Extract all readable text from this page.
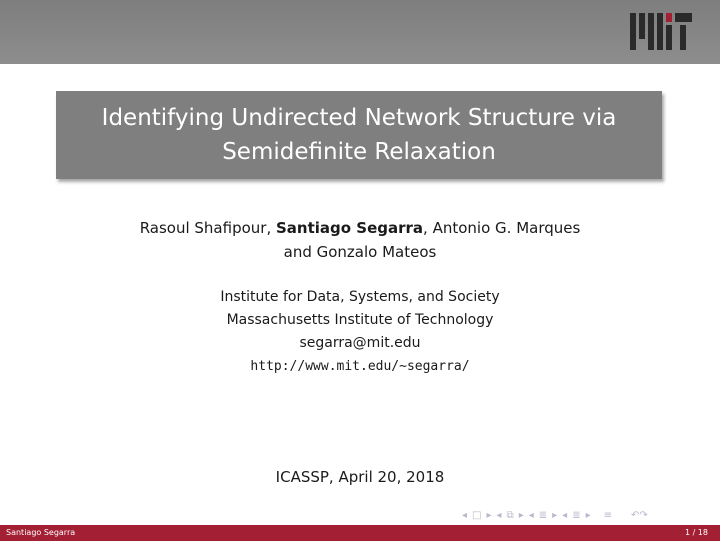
Identifying Undirected Network Structure via
Semidefinite Relaxation
Rasoul Shafipour, Santiago Segarra, Antonio G. Marques
and Gonzalo Mateos
Institute for Data, Systems, and Society
Massachusetts Institute of Technology
segarra@mit.edu
http://www.mit.edu/~segarra/
ICASSP, April 20, 2018
◂ □ ▸ ◂ ⧉ ▸ ◂ ≣ ▸ ◂ ≣ ▸ ≡ ↶↷
Santiago Segarra	1 / 18
